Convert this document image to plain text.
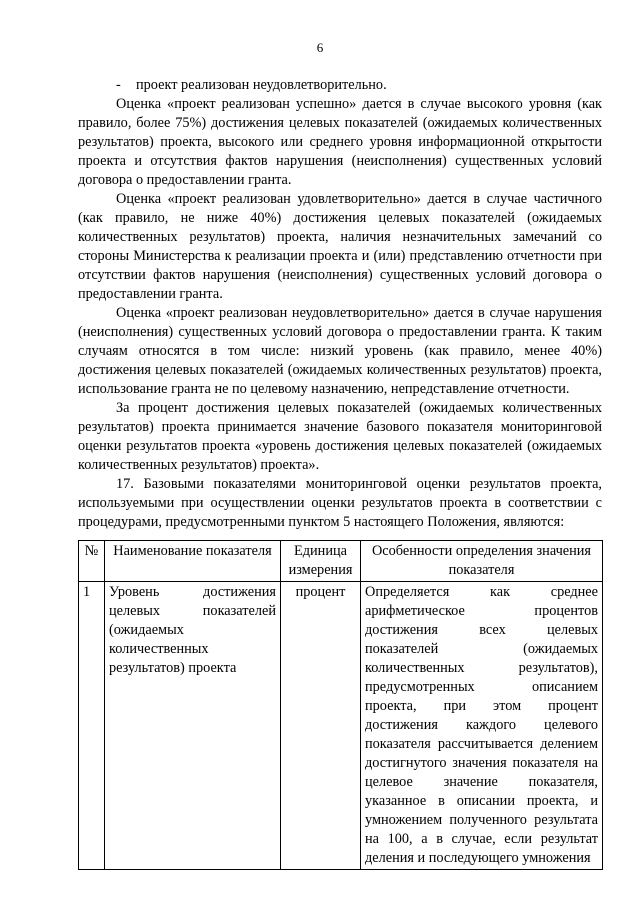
6
- проект реализован неудовлетворительно.

Оценка «проект реализован успешно» дается в случае высокого уровня (как правило, более 75%) достижения целевых показателей (ожидаемых количественных результатов) проекта, высокого или среднего уровня информационной открытости проекта и отсутствия фактов нарушения (неисполнения) существенных условий договора о предоставлении гранта.

Оценка «проект реализован удовлетворительно» дается в случае частичного (как правило, не ниже 40%) достижения целевых показателей (ожидаемых количественных результатов) проекта, наличия незначительных замечаний со стороны Министерства к реализации проекта и (или) представлению отчетности при отсутствии фактов нарушения (неисполнения) существенных условий договора о предоставлении гранта.

Оценка «проект реализован неудовлетворительно» дается в случае нарушения (неисполнения) существенных условий договора о предоставлении гранта. К таким случаям относятся в том числе: низкий уровень (как правило, менее 40%) достижения целевых показателей (ожидаемых количественных результатов) проекта, использование гранта не по целевому назначению, непредставление отчетности.

За процент достижения целевых показателей (ожидаемых количественных результатов) проекта принимается значение базового показателя мониторинговой оценки результатов проекта «уровень достижения целевых показателей (ожидаемых количественных результатов) проекта».

17. Базовыми показателями мониторинговой оценки результатов проекта, используемыми при осуществлении оценки результатов проекта в соответствии с процедурами, предусмотренными пунктом 5 настоящего Положения, являются:

№	Наименование показателя	Единица измерения	Особенности определения значения показателя
1	Уровень достижения целевых показателей (ожидаемых количественных результатов) проекта	процент	Определяется как среднее арифметическое процентов достижения всех целевых показателей (ожидаемых количественных результатов), предусмотренных описанием проекта, при этом процент достижения каждого целевого показателя рассчитывается делением достигнутого значения показателя на целевое значение показателя, указанное в описании проекта, и умножением полученного результата на 100, а в случае, если результат деления и последующего умножения
